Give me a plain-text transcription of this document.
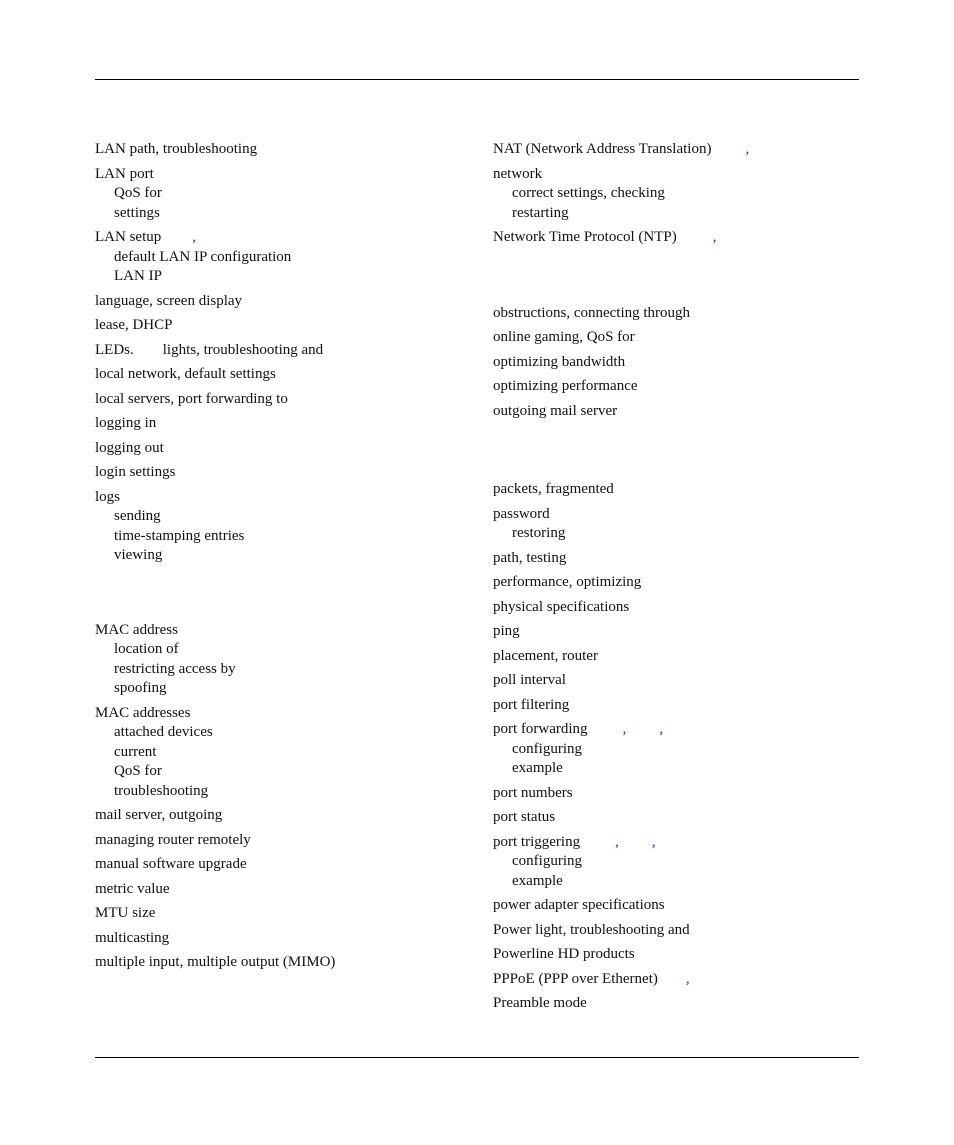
LAN path, troubleshooting
LAN port
QoS for
settings
LAN setup ,
default LAN IP configuration
LAN IP
language, screen display
lease, DHCP
LEDs. lights, troubleshooting and
local network, default settings
local servers, port forwarding to
logging in
logging out
login settings
logs
sending
time-stamping entries
viewing
MAC address
location of
restricting access by
spoofing
MAC addresses
attached devices
current
QoS for
troubleshooting
mail server, outgoing
managing router remotely
manual software upgrade
metric value
MTU size
multicasting
multiple input, multiple output (MIMO)
NAT (Network Address Translation) ,
network
correct settings, checking
restarting
Network Time Protocol (NTP) ,
obstructions, connecting through
online gaming, QoS for
optimizing bandwidth
optimizing performance
outgoing mail server
packets, fragmented
password
restoring
path, testing
performance, optimizing
physical specifications
ping
placement, router
poll interval
port filtering
port forwarding , ,
configuring
example
port numbers
port status
port triggering , ,
configuring
example
power adapter specifications
Power light, troubleshooting and
Powerline HD products
PPPoE (PPP over Ethernet) ,
Preamble mode
